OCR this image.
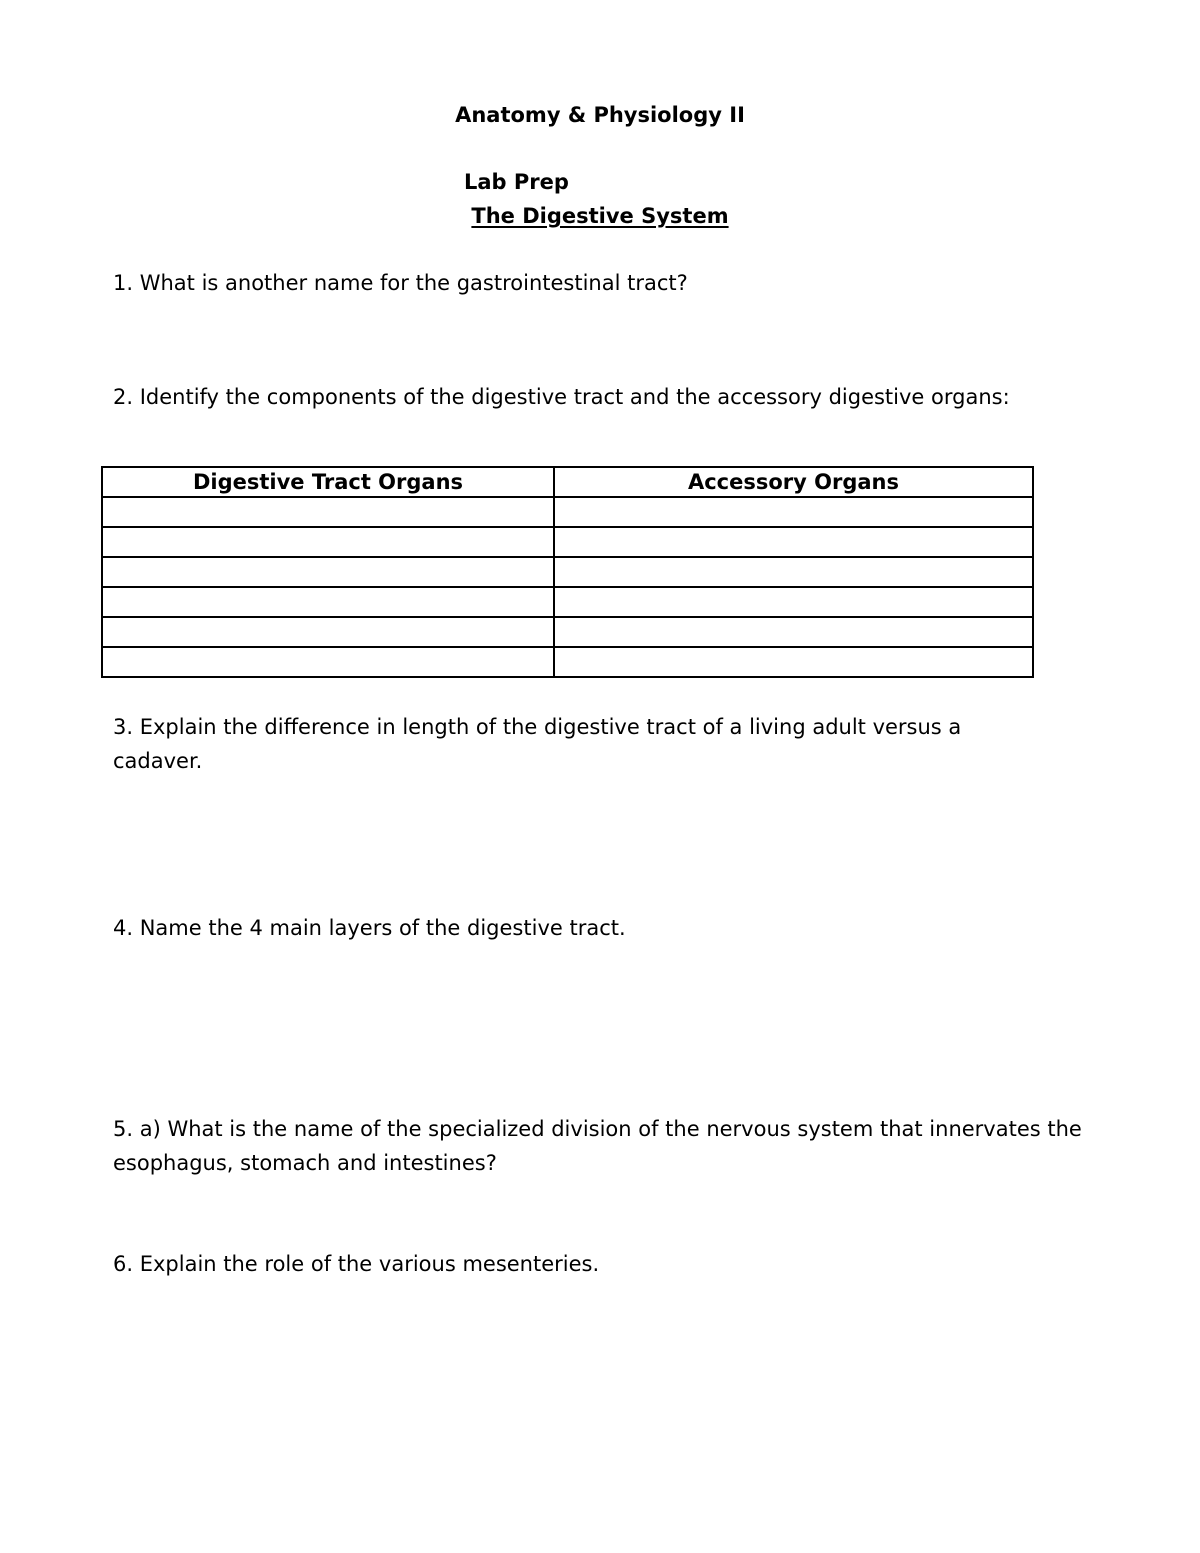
Anatomy & Physiology II
Lab Prep
The Digestive System
1. What is another name for the gastrointestinal tract?
2. Identify the components of the digestive tract and the accessory digestive organs:
Digestive Tract Organs	Accessory Organs

3. Explain the difference in length of the digestive tract of a living adult versus a cadaver.
4. Name the 4 main layers of the digestive tract.
5. a) What is the name of the specialized division of the nervous system that innervates the esophagus, stomach and intestines?
6. Explain the role of the various mesenteries.
